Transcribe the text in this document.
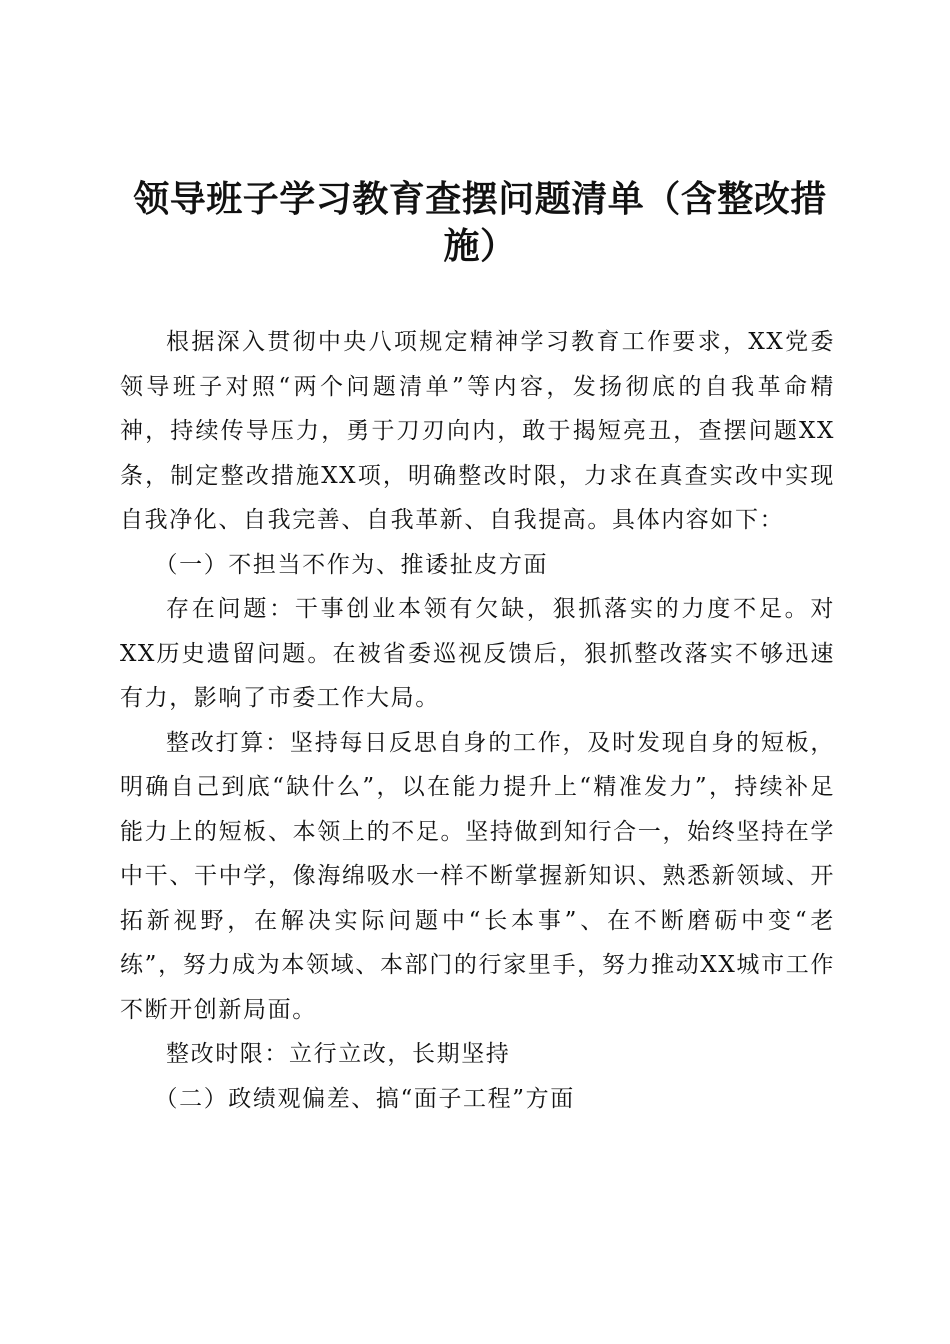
领导班子学习教育查摆问题清单（含整改措施）

根据深入贯彻中央八项规定精神学习教育工作要求，XX党委领导班子对照“两个问题清单”等内容，发扬彻底的自我革命精神，持续传导压力，勇于刀刃向内，敢于揭短亮丑，查摆问题XX条，制定整改措施XX项，明确整改时限，力求在真查实改中实现自我净化、自我完善、自我革新、自我提高。具体内容如下：

（一）不担当不作为、推诿扯皮方面

存在问题：干事创业本领有欠缺，狠抓落实的力度不足。对XX历史遗留问题。在被省委巡视反馈后，狠抓整改落实不够迅速有力，影响了市委工作大局。

整改打算：坚持每日反思自身的工作，及时发现自身的短板，明确自己到底“缺什么”，以在能力提升上“精准发力”，持续补足能力上的短板、本领上的不足。坚持做到知行合一，始终坚持在学中干、干中学，像海绵吸水一样不断掌握新知识、熟悉新领域、开拓新视野，在解决实际问题中“长本事”、在不断磨砺中变“老练”，努力成为本领域、本部门的行家里手，努力推动XX城市工作不断开创新局面。

整改时限：立行立改，长期坚持

（二）政绩观偏差、搞“面子工程”方面
